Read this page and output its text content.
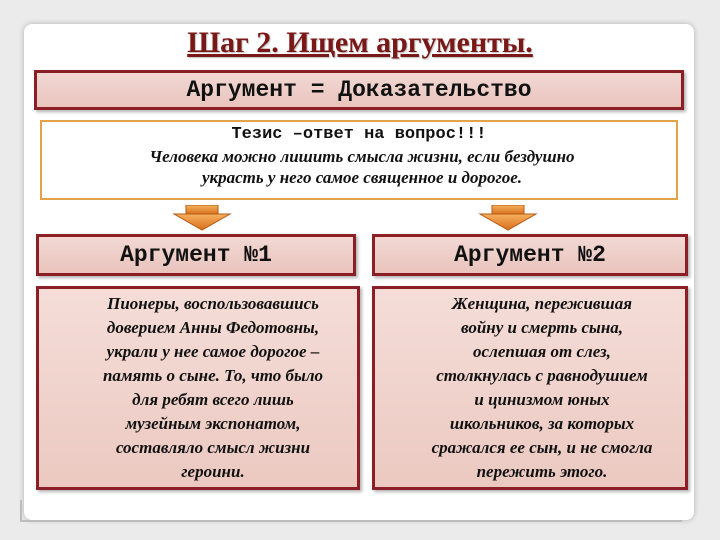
Шаг 2. Ищем аргументы.
Аргумент = Доказательство
Тезис –ответ на вопрос!!!
Человека можно лишить смысла жизни, если бездушно
украсть у него самое священное и дорогое.
Аргумент №1	Аргумент №2
Пионеры, воспользовавшись
доверием Анны Федотовны,
украли у нее самое дорогое –
память о сыне. То, что было
для ребят всего лишь
музейным экспонатом,
составляло смысл жизни
героини.
Женщина, пережившая
войну и смерть сына,
ослепшая от слез,
столкнулась с равнодушием
и цинизмом юных
школьников, за которых
сражался ее сын, и не смогла
пережить этого.
